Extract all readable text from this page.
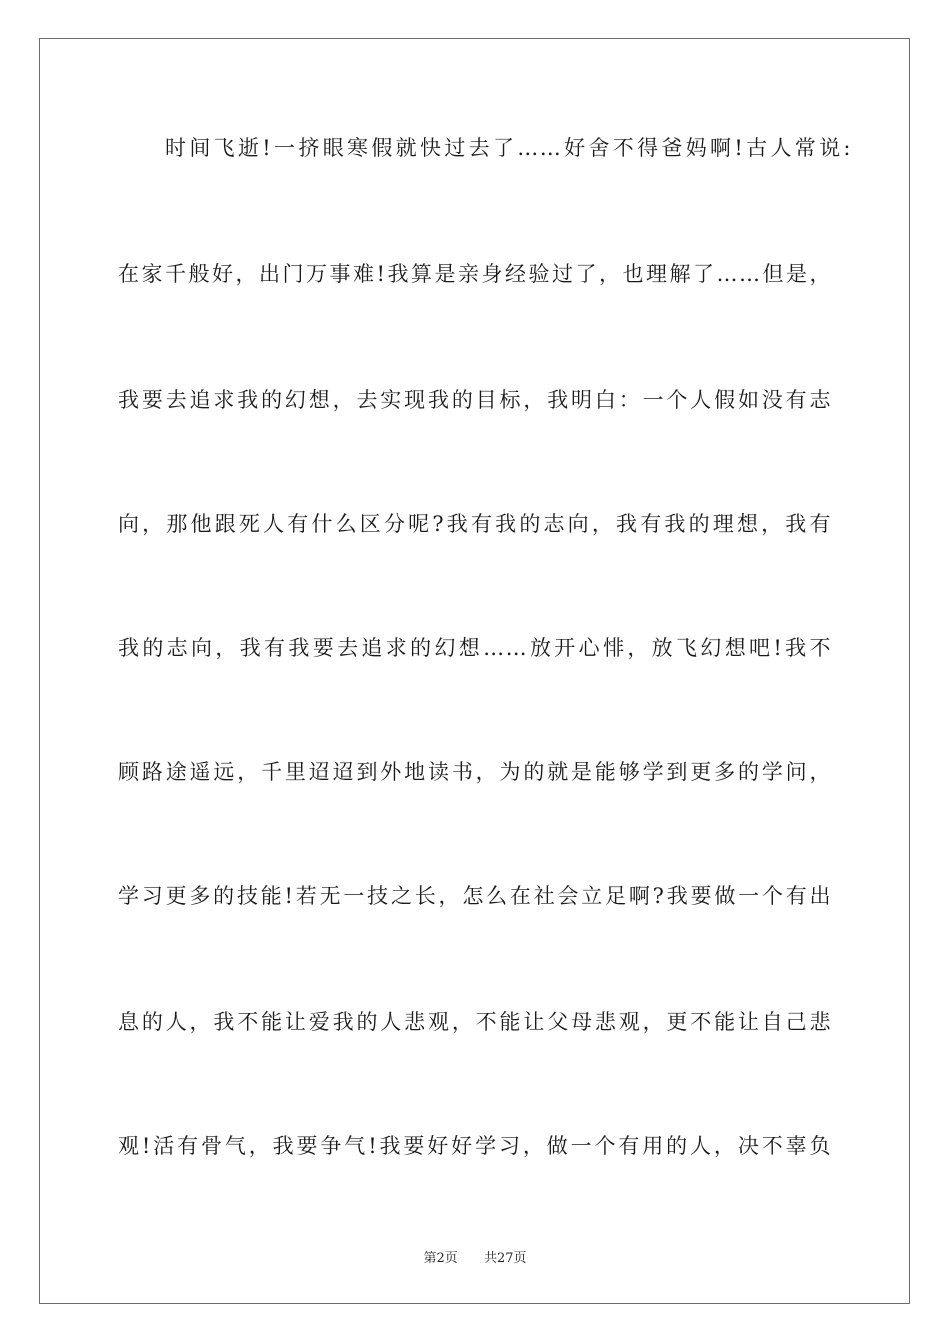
时间飞逝!一挤眼寒假就快过去了……好舍不得爸妈啊!古人常说:
在家千般好，出门万事难!我算是亲身经验过了，也理解了……但是，
我要去追求我的幻想，去实现我的目标，我明白：一个人假如没有志
向，那他跟死人有什么区分呢?我有我的志向，我有我的理想，我有
我的志向，我有我要去追求的幻想……放开心悱，放飞幻想吧!我不
顾路途遥远，千里迢迢到外地读书，为的就是能够学到更多的学问，
学习更多的技能!若无一技之长，怎么在社会立足啊?我要做一个有出
息的人，我不能让爱我的人悲观，不能让父母悲观，更不能让自己悲
观!活有骨气，我要争气!我要好好学习，做一个有用的人，决不辜负
第2页 共27页
